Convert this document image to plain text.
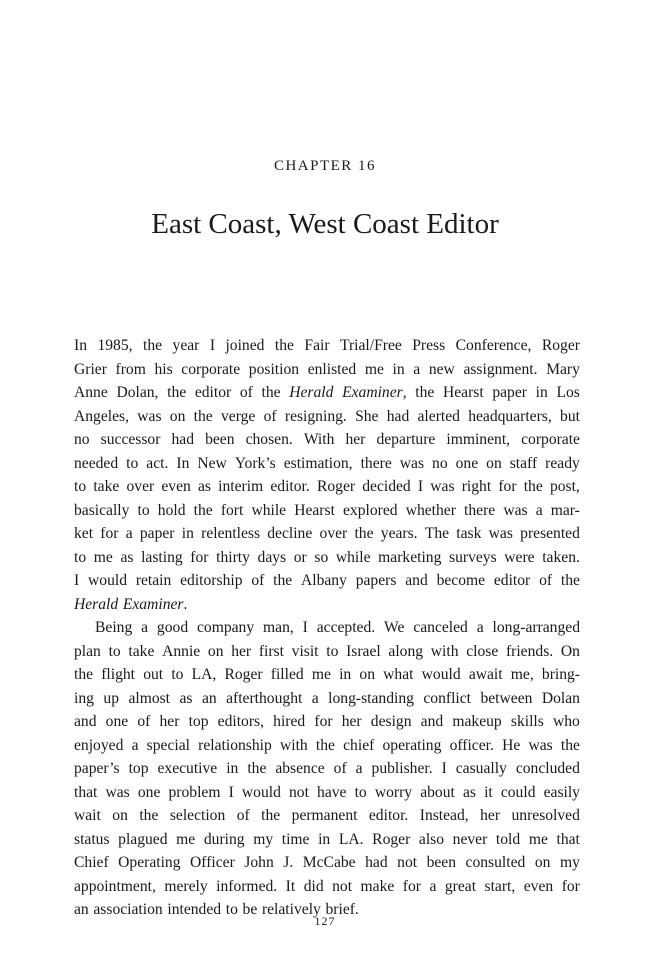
CHAPTER 16
East Coast, West Coast Editor
In 1985, the year I joined the Fair Trial/Free Press Conference, Roger
Grier from his corporate position enlisted me in a new assignment. Mary
Anne Dolan, the editor of the Herald Examiner, the Hearst paper in Los
Angeles, was on the verge of resigning. She had alerted headquarters, but
no successor had been chosen. With her departure imminent, corporate
needed to act. In New York’s estimation, there was no one on staff ready
to take over even as interim editor. Roger decided I was right for the post,
basically to hold the fort while Hearst explored whether there was a mar-
ket for a paper in relentless decline over the years. The task was presented
to me as lasting for thirty days or so while marketing surveys were taken.
I would retain editorship of the Albany papers and become editor of the
Herald Examiner.
Being a good company man, I accepted. We canceled a long-arranged
plan to take Annie on her first visit to Israel along with close friends. On
the flight out to LA, Roger filled me in on what would await me, bring-
ing up almost as an afterthought a long-standing conflict between Dolan
and one of her top editors, hired for her design and makeup skills who
enjoyed a special relationship with the chief operating officer. He was the
paper’s top executive in the absence of a publisher. I casually concluded
that was one problem I would not have to worry about as it could easily
wait on the selection of the permanent editor. Instead, her unresolved
status plagued me during my time in LA. Roger also never told me that
Chief Operating Officer John J. McCabe had not been consulted on my
appointment, merely informed. It did not make for a great start, even for
an association intended to be relatively brief.
127
